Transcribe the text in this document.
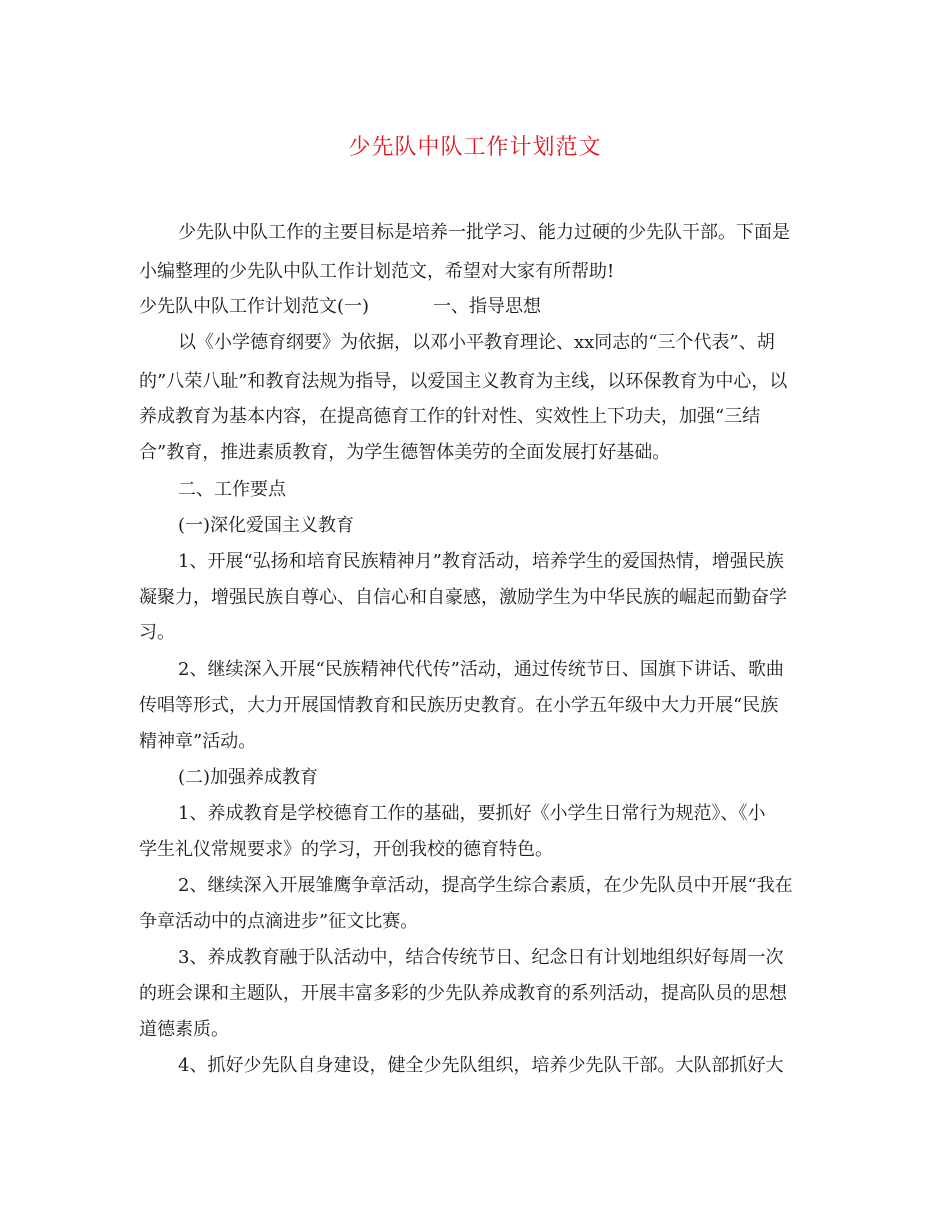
少先队中队工作计划范文
少先队中队工作的主要目标是培养一批学习、能力过硬的少先队干部。下面是
小编整理的少先队中队工作计划范文，希望对大家有所帮助!
少先队中队工作计划范文(一)	一、指导思想
以《小学德育纲要》为依据，以邓小平教育理论、xx同志的“三个代表”、胡
的”八荣八耻”和教育法规为指导，以爱国主义教育为主线，以环保教育为中心，以
养成教育为基本内容，在提高德育工作的针对性、实效性上下功夫，加强“三结
合”教育，推进素质教育，为学生德智体美劳的全面发展打好基础。
二、工作要点
(一)深化爱国主义教育
1、开展“弘扬和培育民族精神月”教育活动，培养学生的爱国热情，增强民族
凝聚力，增强民族自尊心、自信心和自豪感，激励学生为中华民族的崛起而勤奋学
习。
2、继续深入开展“民族精神代代传”活动，通过传统节日、国旗下讲话、歌曲
传唱等形式，大力开展国情教育和民族历史教育。在小学五年级中大力开展“民族
精神章”活动。
(二)加强养成教育
1、养成教育是学校德育工作的基础，要抓好《小学生日常行为规范》、《小
学生礼仪常规要求》的学习，开创我校的德育特色。
2、继续深入开展雏鹰争章活动，提高学生综合素质，在少先队员中开展“我在
争章活动中的点滴进步”征文比赛。
3、养成教育融于队活动中，结合传统节日、纪念日有计划地组织好每周一次
的班会课和主题队，开展丰富多彩的少先队养成教育的系列活动，提高队员的思想
道德素质。
4、抓好少先队自身建设，健全少先队组织，培养少先队干部。大队部抓好大
